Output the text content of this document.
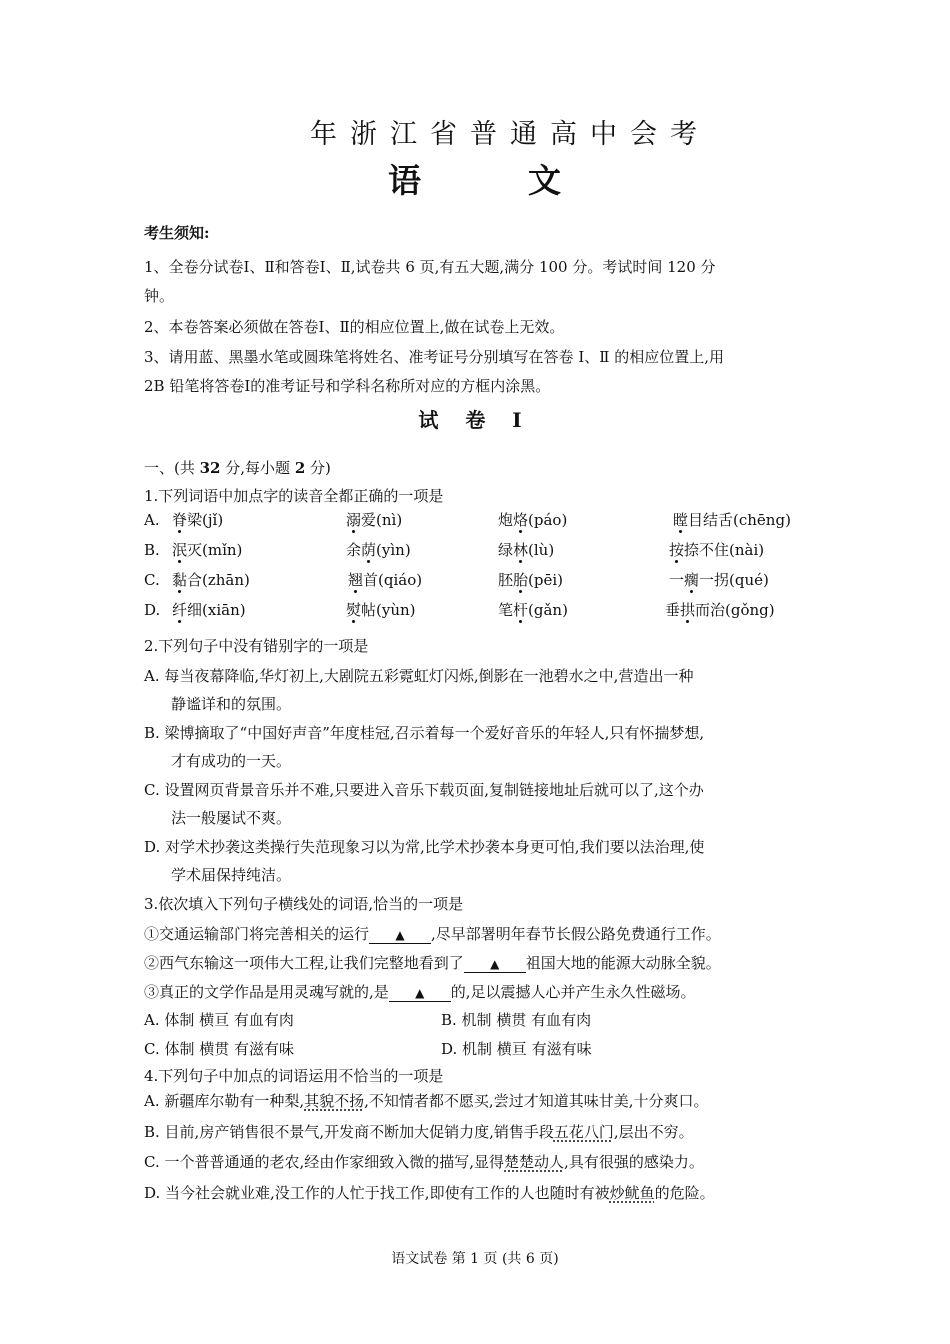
年浙江省普通高中会考
语	文
考生须知:
1、全卷分试卷Ⅰ、Ⅱ和答卷Ⅰ、Ⅱ,试卷共 6 页,有五大题,满分 100 分。考试时间 120 分
钟。
2、本卷答案必须做在答卷Ⅰ、Ⅱ的相应位置上,做在试卷上无效。
3、请用蓝、黑墨水笔或圆珠笔将姓名、准考证号分别填写在答卷 Ⅰ、Ⅱ 的相应位置上,用
2B 铅笔将答卷Ⅰ的准考证号和学科名称所对应的方框内涂黑。
试 卷 Ⅰ
一、(共 32 分,每小题 2 分)
1.下列词语中加点字的读音全都正确的一项是
A. 脊梁(jǐ)	溺爱(nì)	炮烙(páo)	瞠目结舌(chēng)
B. 泯灭(mǐn)	余荫(yìn)	绿林(lù)	按捺不住(nài)
C. 黏合(zhān)	翘首(qiáo)	胚胎(pēi)	一瘸一拐(qué)
D. 纤细(xiān)	熨帖(yùn)	笔杆(gǎn)	垂拱而治(gǒng)
2.下列句子中没有错别字的一项是
A. 每当夜幕降临,华灯初上,大剧院五彩霓虹灯闪烁,倒影在一池碧水之中,营造出一种
静谧详和的氛围。
B. 梁博摘取了“中国好声音”年度桂冠,召示着每一个爱好音乐的年轻人,只有怀揣梦想,
才有成功的一天。
C. 设置网页背景音乐并不难,只要进入音乐下载页面,复制链接地址后就可以了,这个办
法一般屡试不爽。
D. 对学术抄袭这类操行失范现象习以为常,比学术抄袭本身更可怕,我们要以法治理,使
学术届保持纯洁。
3.依次填入下列句子横线处的词语,恰当的一项是
①交通运输部门将完善相关的运行 ▲ ,尽早部署明年春节长假公路免费通行工作。
②西气东输这一项伟大工程,让我们完整地看到了 ▲ 祖国大地的能源大动脉全貌。
③真正的文学作品是用灵魂写就的,是 ▲ 的,足以震撼人心并产生永久性磁场。
A. 体制 横亘 有血有肉	B. 机制 横贯 有血有肉
C. 体制 横贯 有滋有味	D. 机制 横亘 有滋有味
4.下列句子中加点的词语运用不恰当的一项是
A. 新疆库尔勒有一种梨,其貌不扬,不知情者都不愿买,尝过才知道其味甘美,十分爽口。
B. 目前,房产销售很不景气,开发商不断加大促销力度,销售手段五花八门,层出不穷。
C. 一个普普通通的老农,经由作家细致入微的描写,显得楚楚动人,具有很强的感染力。
D. 当今社会就业难,没工作的人忙于找工作,即使有工作的人也随时有被炒鱿鱼的危险。
语文试卷 第 1 页 (共 6 页)
